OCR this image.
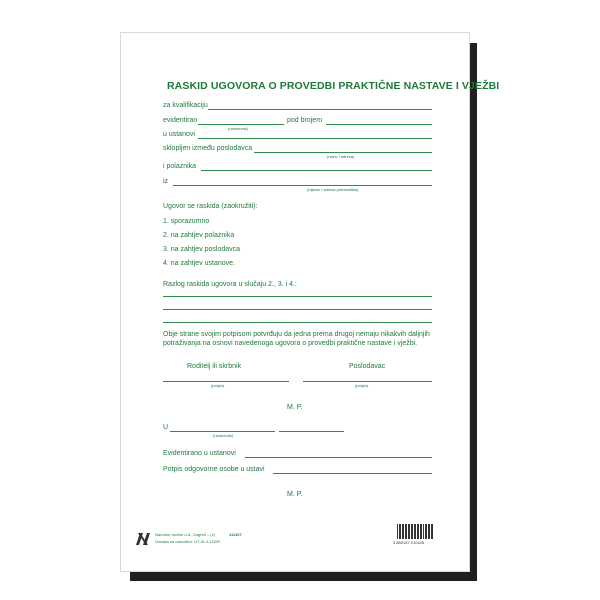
RASKID UGOVORA O PROVEDBI PRAKTIČNE NASTAVE I VJEŽBI
za kvalifikaciju
evidentiran	pod brojem
(nadnevak)
u ustanovi
sklopljen između poslodavca
(naziv i adresa)
i polaznika
iz
(mjesto i adresa prebivališta)
Ugovor se raskida (zaokružiti):
1. sporazumno
2. na zahtjev polaznika
3. na zahtjev poslodavca
4. na zahtjev ustanove.
Razlog raskida ugovora u slučaju 2., 3. i 4.:
Obje strane svojim potpisom potvrđuju da jedna prema drugoj nemaju nikakvih daljnjih
potraživanja na osnovi navedenoga ugovora o provedbi praktične nastave i vježbi.
Roditelj ili skrbnik	Poslodavac
(potpis)	(potpis)
M. P.
U
(nadnevak)
Evidentirano u ustanovi
Potpis odgovorne osobe u ustavi
M. P.
Narodne novine d.d., Zagreb – (1)	111107
Oznaka za narudžbu: UT-XI-4-142/R	3 850157 210425
